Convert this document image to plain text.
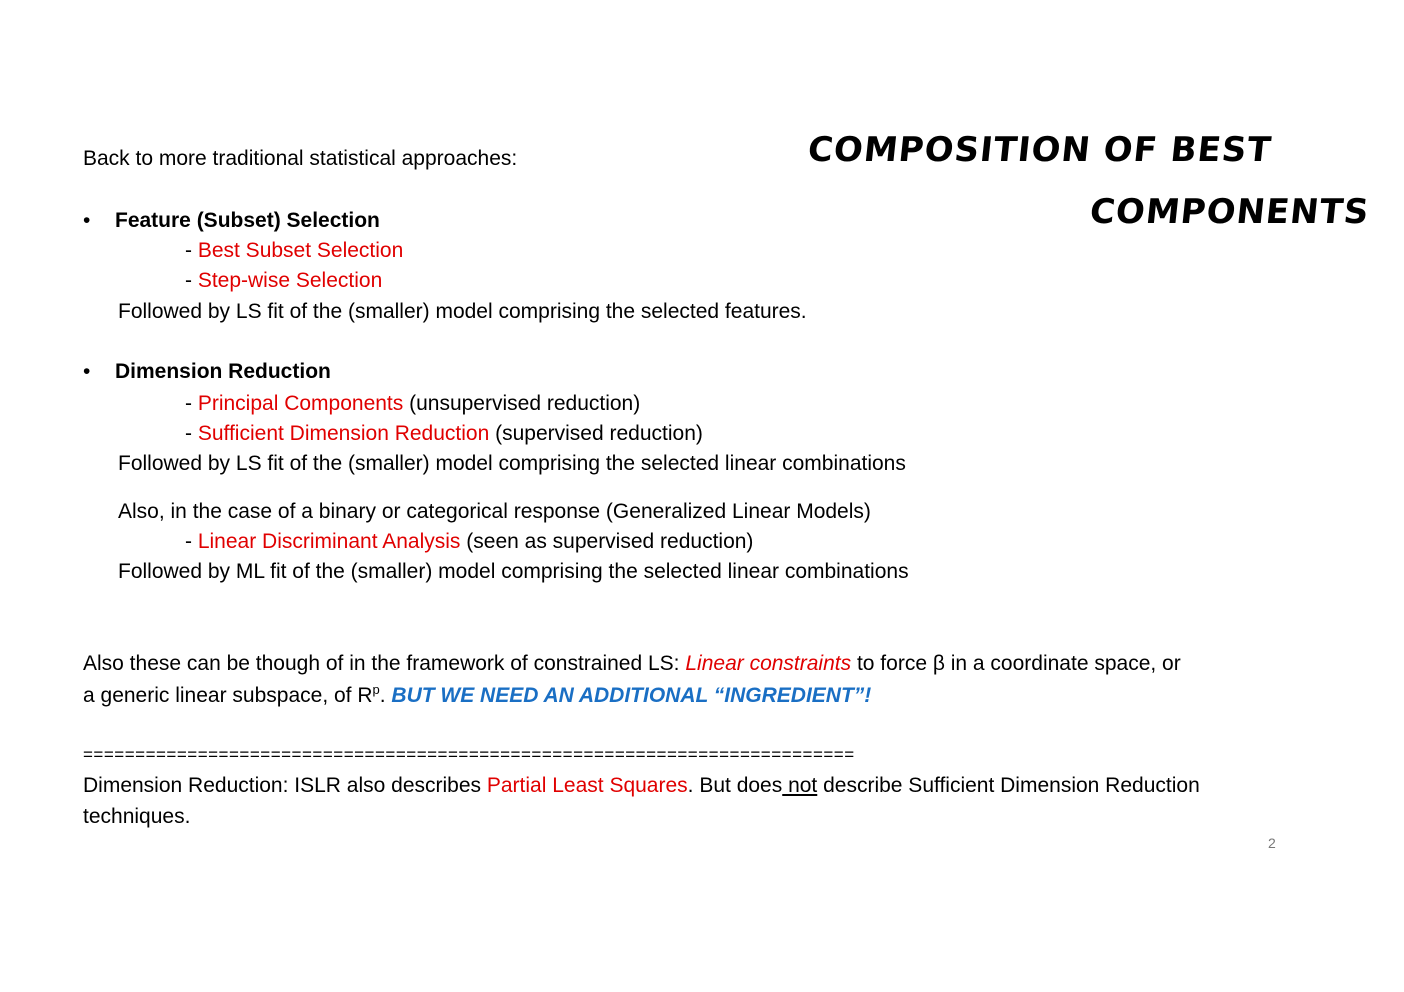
Back to more traditional statistical approaches:	COMPOSITION OF BEST
COMPONENTS
• Feature (Subset) Selection
- Best Subset Selection
- Step-wise Selection
Followed by LS fit of the (smaller) model comprising the selected features.
• Dimension Reduction
- Principal Components (unsupervised reduction)
- Sufficient Dimension Reduction (supervised reduction)
Followed by LS fit of the (smaller) model comprising the selected linear combinations
Also, in the case of a binary or categorical response (Generalized Linear Models)
- Linear Discriminant Analysis (seen as supervised reduction)
Followed by ML fit of the (smaller) model comprising the selected linear combinations
Also these can be though of in the framework of constrained LS: Linear constraints to force β in a coordinate space, or
a generic linear subspace, of $R^p$. BUT WE NEED AN ADDITIONAL “INGREDIENT”!
==========================================================================
Dimension Reduction: ISLR also describes Partial Least Squares. But does not describe Sufficient Dimension Reduction
techniques.
2
